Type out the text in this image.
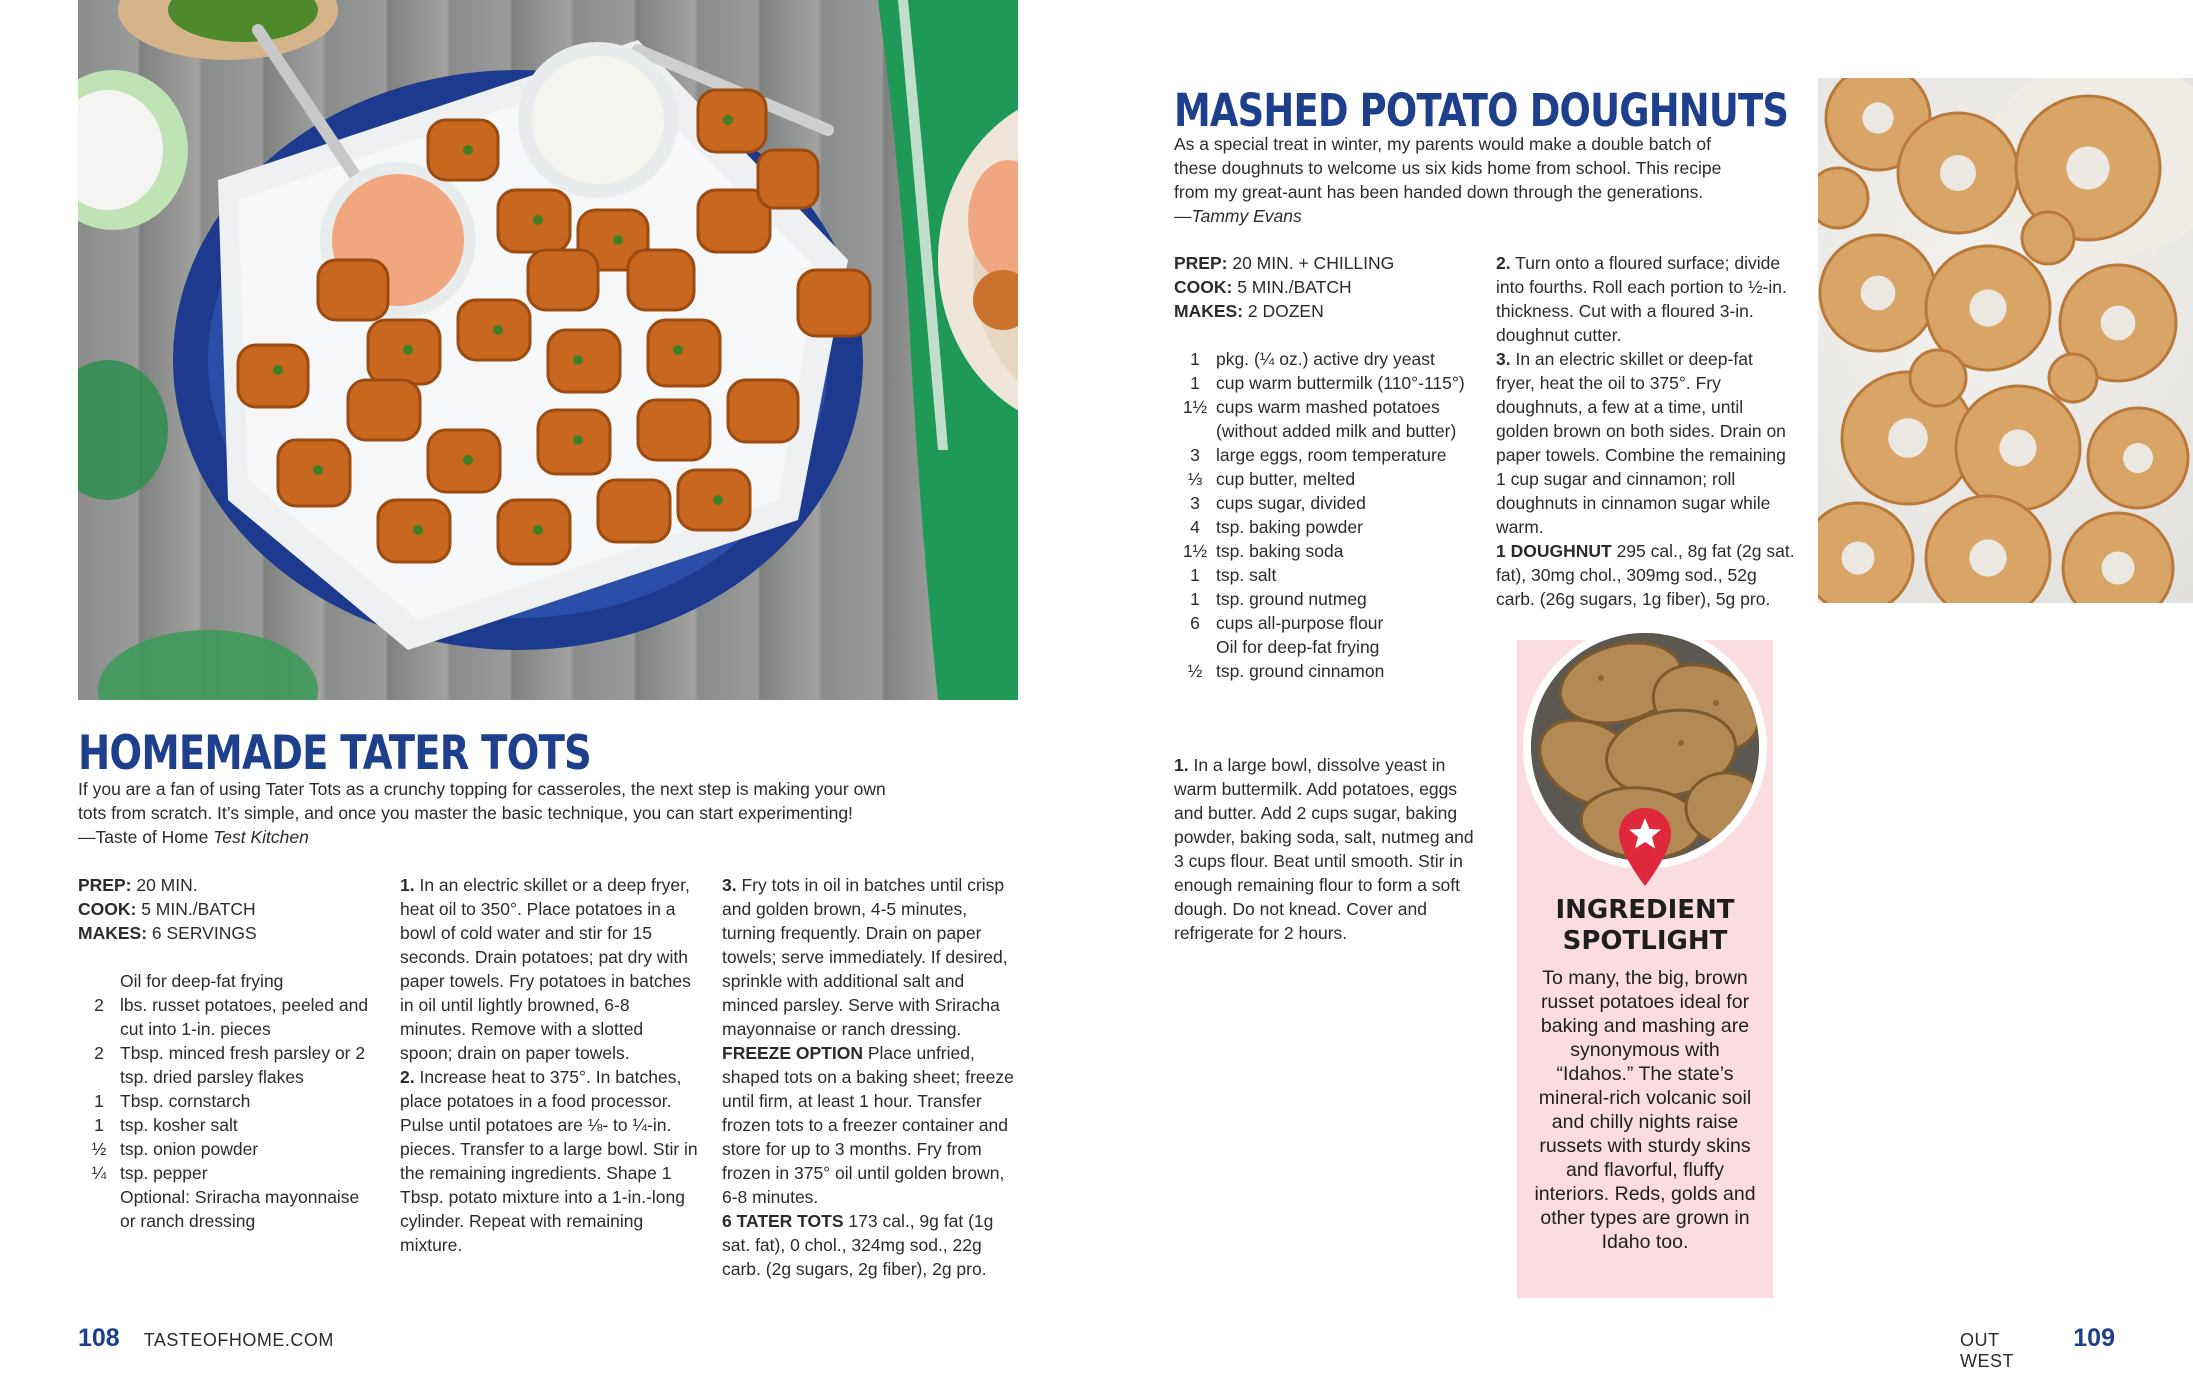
HOMEMADE TATER TOTS
If you are a fan of using Tater Tots as a crunchy topping for casseroles, the next step is making your own
tots from scratch. It’s simple, and once you master the basic technique, you can start experimenting!
—Taste of Home Test Kitchen
PREP: 20 MIN.
COOK: 5 MIN./BATCH
MAKES: 6 SERVINGS
Oil for deep-fat frying
2 lbs. russet potatoes, peeled and cut into 1-in. pieces
2 Tbsp. minced fresh parsley or 2 tsp. dried parsley flakes
1 Tbsp. cornstarch
1 tsp. kosher salt
½ tsp. onion powder
¼ tsp. pepper
Optional: Sriracha mayonnaise or ranch dressing
1. In an electric skillet or a deep fryer, heat oil to 350°. Place potatoes in a bowl of cold water and stir for 15 seconds. Drain potatoes; pat dry with paper towels. Fry potatoes in batches in oil until lightly browned, 6-8 minutes. Remove with a slotted spoon; drain on paper towels.
2. Increase heat to 375°. In batches, place potatoes in a food processor. Pulse until potatoes are ⅛- to ¼-in. pieces. Transfer to a large bowl. Stir in the remaining ingredients. Shape 1 Tbsp. potato mixture into a 1-in.-long cylinder. Repeat with remaining mixture.
3. Fry tots in oil in batches until crisp and golden brown, 4-5 minutes, turning frequently. Drain on paper towels; serve immediately. If desired, sprinkle with additional salt and minced parsley. Serve with Sriracha mayonnaise or ranch dressing.
FREEZE OPTION Place unfried, shaped tots on a baking sheet; freeze until firm, at least 1 hour. Transfer frozen tots to a freezer container and store for up to 3 months. Fry from frozen in 375° oil until golden brown, 6-8 minutes.
6 TATER TOTS 173 cal., 9g fat (1g sat. fat), 0 chol., 324mg sod., 22g carb. (2g sugars, 2g fiber), 2g pro.
108 TASTEOFHOME.COM
MASHED POTATO DOUGHNUTS
As a special treat in winter, my parents would make a double batch of
these doughnuts to welcome us six kids home from school. This recipe
from my great-aunt has been handed down through the generations.
—Tammy Evans
PREP: 20 MIN. + CHILLING
COOK: 5 MIN./BATCH
MAKES: 2 DOZEN
1 pkg. (¼ oz.) active dry yeast
1 cup warm buttermilk (110°-115°)
1½ cups warm mashed potatoes (without added milk and butter)
3 large eggs, room temperature
⅓ cup butter, melted
3 cups sugar, divided
4 tsp. baking powder
1½ tsp. baking soda
1 tsp. salt
1 tsp. ground nutmeg
6 cups all-purpose flour
Oil for deep-fat frying
½ tsp. ground cinnamon
1. In a large bowl, dissolve yeast in warm buttermilk. Add potatoes, eggs and butter. Add 2 cups sugar, baking powder, baking soda, salt, nutmeg and 3 cups flour. Beat until smooth. Stir in enough remaining flour to form a soft dough. Do not knead. Cover and refrigerate for 2 hours.
2. Turn onto a floured surface; divide into fourths. Roll each portion to ½-in. thickness. Cut with a floured 3-in. doughnut cutter.
3. In an electric skillet or deep-fat fryer, heat the oil to 375°. Fry doughnuts, a few at a time, until golden brown on both sides. Drain on paper towels. Combine the remaining 1 cup sugar and cinnamon; roll doughnuts in cinnamon sugar while warm.
1 DOUGHNUT 295 cal., 8g fat (2g sat. fat), 30mg chol., 309mg sod., 52g carb. (26g sugars, 1g fiber), 5g pro.
INGREDIENT
SPOTLIGHT
To many, the big, brown russet potatoes ideal for baking and mashing are synonymous with “Idahos.” The state’s mineral-rich volcanic soil and chilly nights raise russets with sturdy skins and flavorful, fluffy interiors. Reds, golds and other types are grown in Idaho too.
OUT WEST
109
